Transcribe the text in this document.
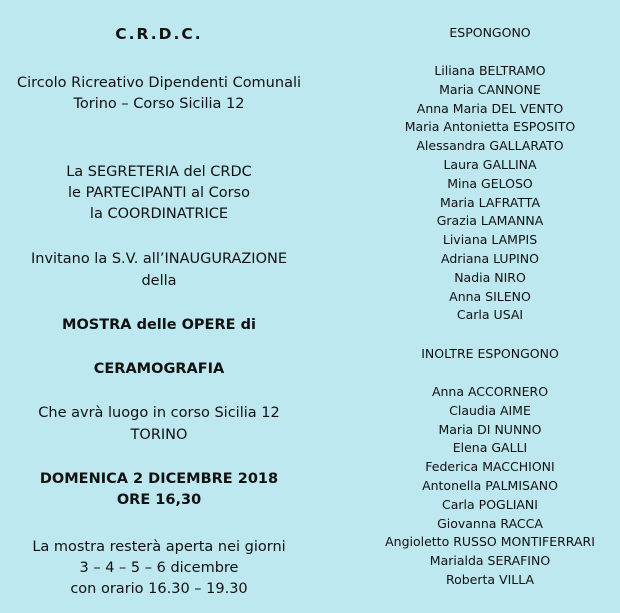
C.R.D.C.

Circolo Ricreativo Dipendenti Comunali

Torino – Corso Sicilia 12

La SEGRETERIA del CRDC

le PARTECIPANTI al Corso

la COORDINATRICE

Invitano la S.V. all’INAUGURAZIONE

della

MOSTRA delle OPERE di

CERAMOGRAFIA

Che avrà luogo in corso Sicilia 12

TORINO

DOMENICA 2 DICEMBRE 2018

ORE 16,30

La mostra resterà aperta nei giorni

3 – 4 – 5 – 6 dicembre

con orario 16.30 – 19.30

ESPONGONO
Liliana BELTRAMO
Maria CANNONE
Anna Maria DEL VENTO
Maria Antonietta ESPOSITO
Alessandra GALLARATO
Laura GALLINA
Mina GELOSO
Maria LAFRATTA
Grazia LAMANNA
Liviana LAMPIS
Adriana LUPINO
Nadia NIRO
Anna SILENO
Carla USAI
INOLTRE ESPONGONO
Anna ACCORNERO
Claudia AIME
Maria DI NUNNO
Elena GALLI
Federica MACCHIONI
Antonella PALMISANO
Carla POGLIANI
Giovanna RACCA
Angioletto RUSSO MONTIFERRARI
Marialda SERAFINO
Roberta VILLA
